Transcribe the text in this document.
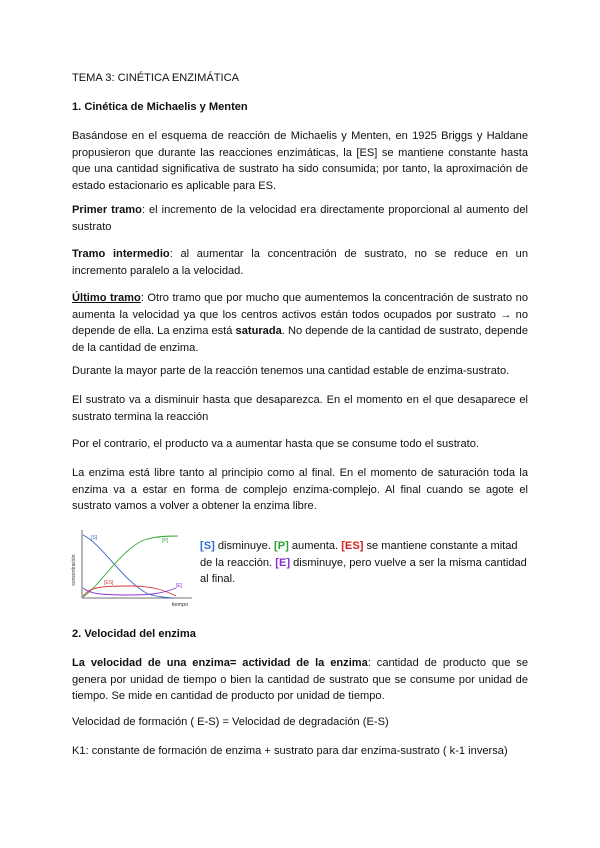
TEMA 3: CINÉTICA ENZIMÁTICA

1. Cinética de Michaelis y Menten

Basándose en el esquema de reacción de Michaelis y Menten, en 1925 Briggs y Haldane propusieron que durante las reacciones enzimáticas, la [ES] se mantiene constante hasta que una cantidad significativa de sustrato ha sido consumida; por tanto, la aproximación de estado estacionario es aplicable para ES.

Primer tramo: el incremento de la velocidad era directamente proporcional al aumento del sustrato

Tramo intermedio: al aumentar la concentración de sustrato, no se reduce en un incremento paralelo a la velocidad.

Último tramo: Otro tramo que por mucho que aumentemos la concentración de sustrato no aumenta la velocidad ya que los centros activos están todos ocupados por sustrato → no depende de ella. La enzima está saturada. No depende de la cantidad de sustrato, depende de la cantidad de enzima.

Durante la mayor parte de la reacción tenemos una cantidad estable de enzima-sustrato.

El sustrato va a disminuir hasta que desaparezca. En el momento en el que desaparece el sustrato termina la reacción

Por el contrario, el producto va a aumentar hasta que se consume todo el sustrato.

La enzima está libre tanto al principio como al final. En el momento de saturación toda la enzima va a estar en forma de complejo enzima-complejo. Al final cuando se agote el sustrato vamos a volver a obtener la enzima libre.

concentración
tiempo
[S]	[P]
[ES]	[E]

[S] disminuye. [P] aumenta. [ES] se mantiene constante a mitad de la reacción. [E] disminuye, pero vuelve a ser la misma cantidad al final.

2. Velocidad del enzima

La velocidad de una enzima= actividad de la enzima: cantidad de producto que se genera por unidad de tiempo o bien la cantidad de sustrato que se consume por unidad de tiempo. Se mide en cantidad de producto por unidad de tiempo.

Velocidad de formación ( E-S) = Velocidad de degradación (E-S)

K1: constante de formación de enzima + sustrato para dar enzima-sustrato ( k-1 inversa)
